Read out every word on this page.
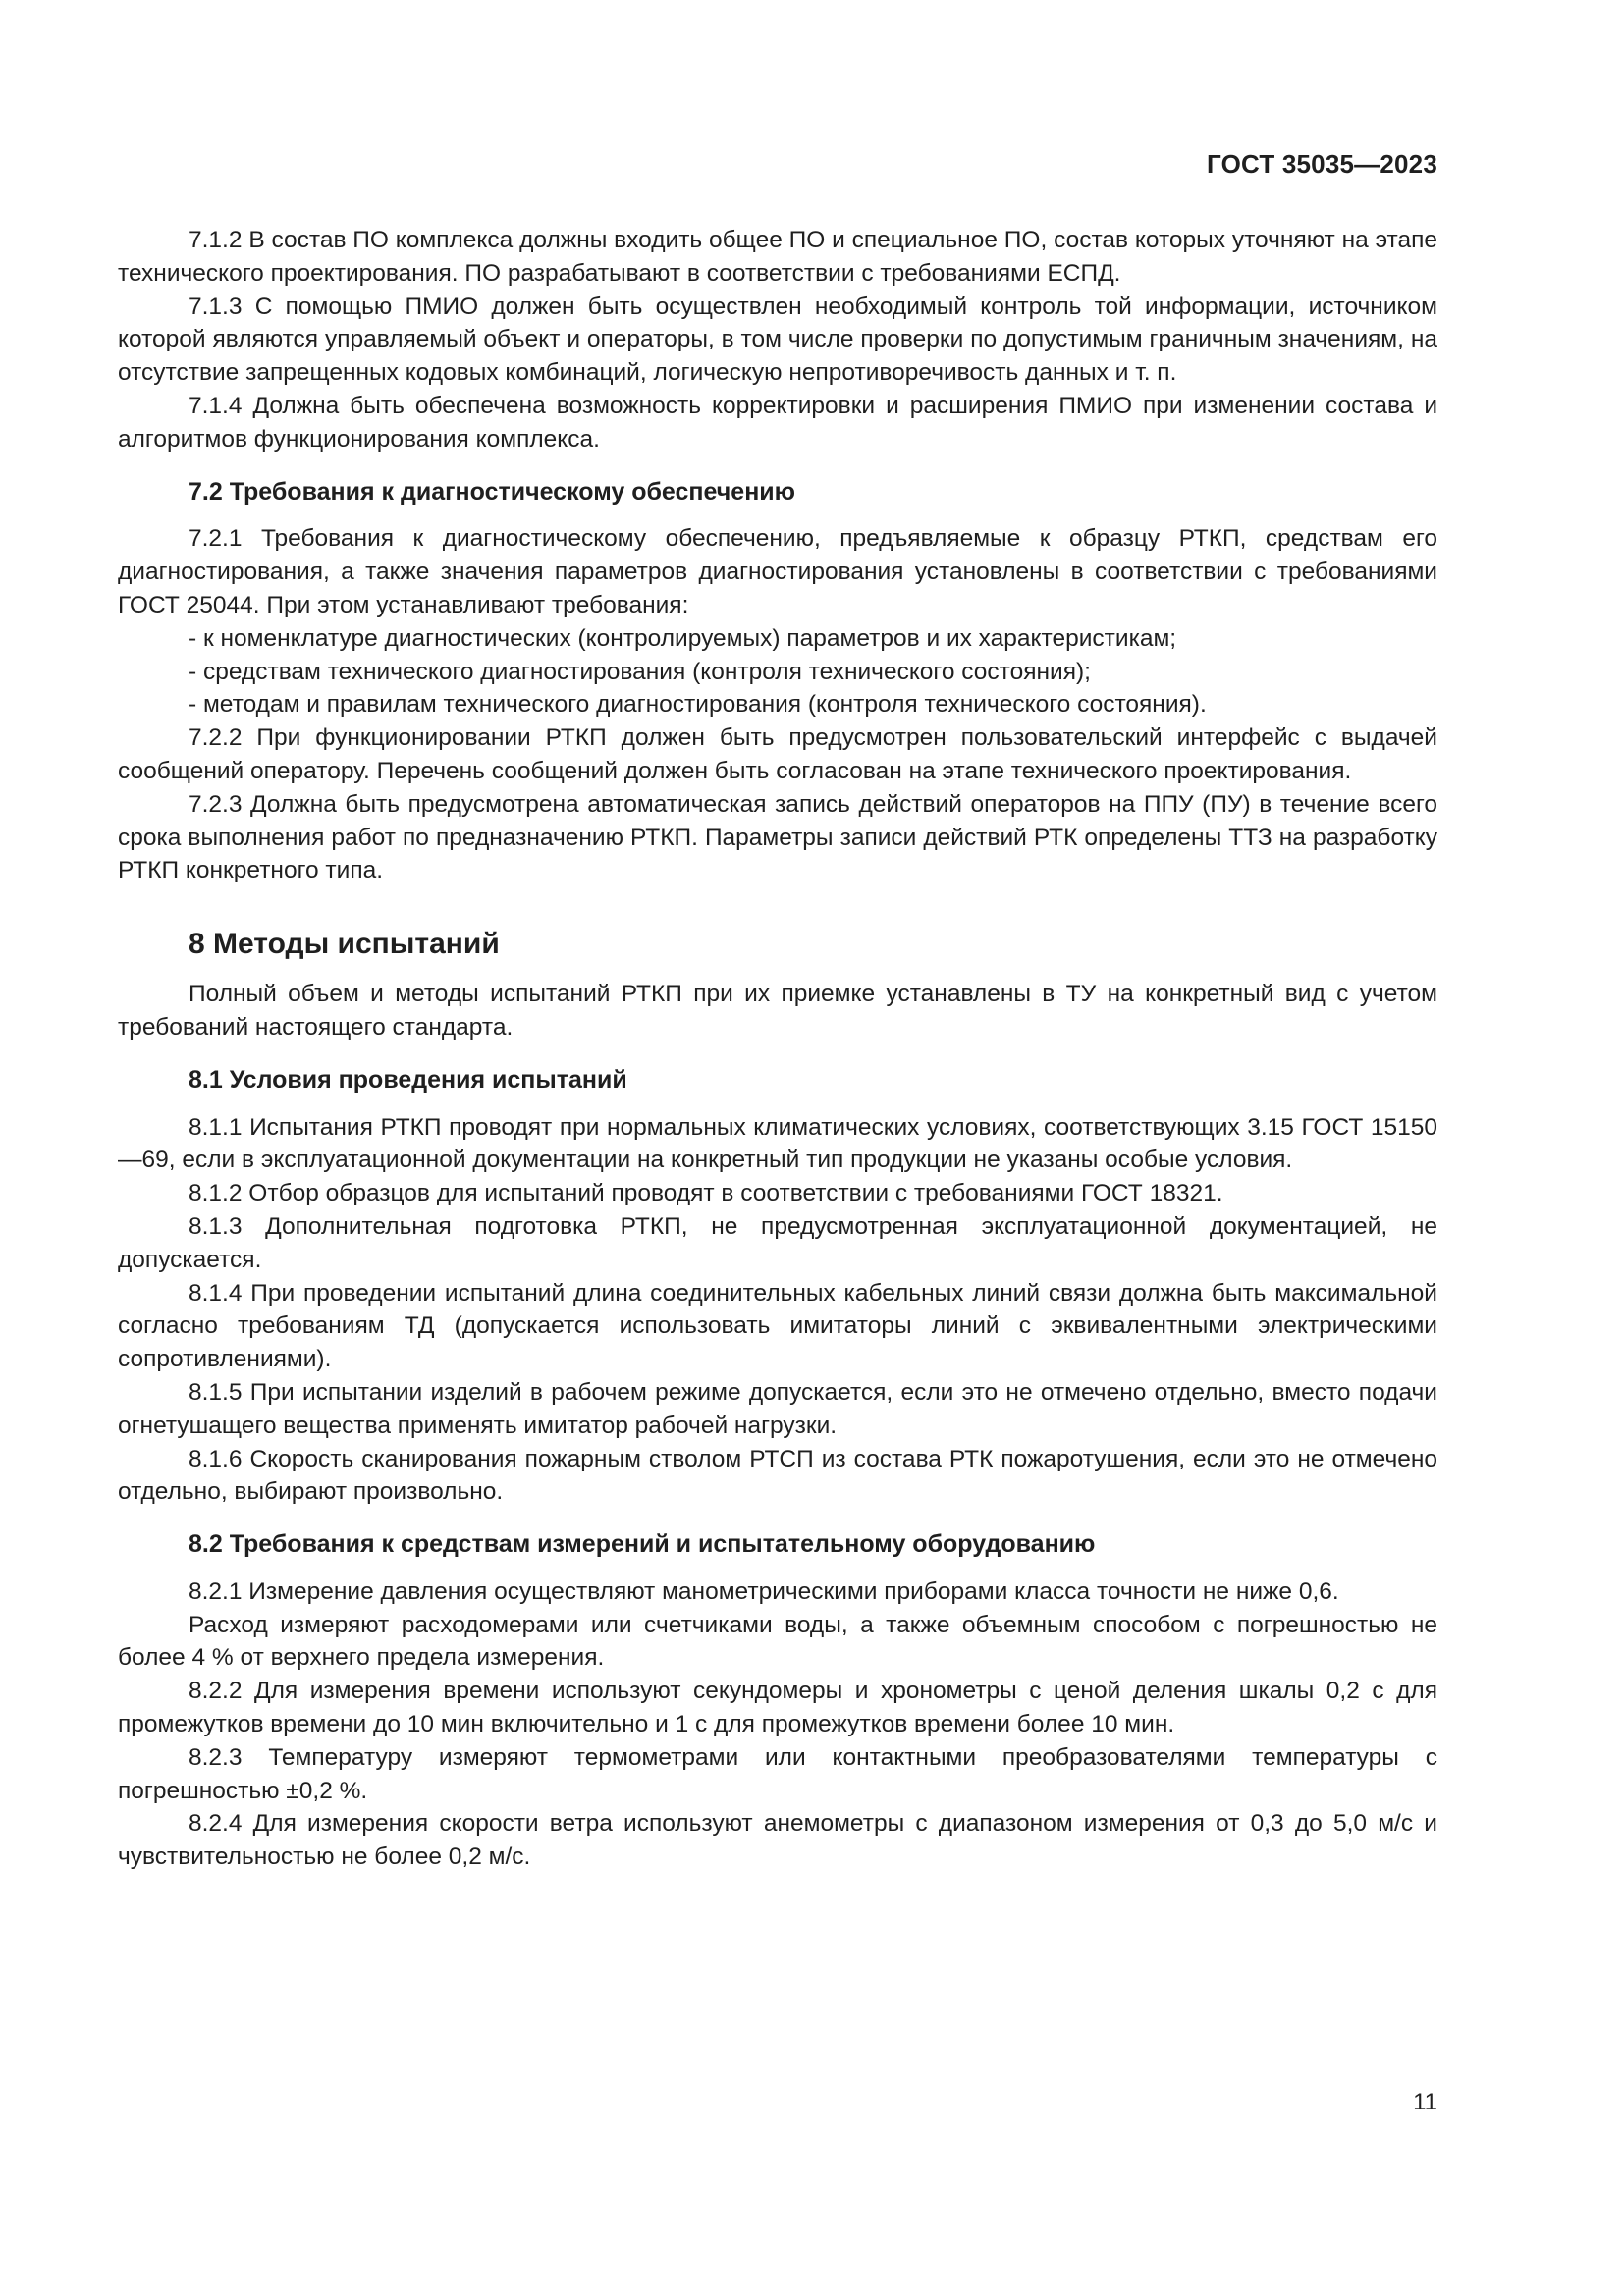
ГОСТ 35035—2023

7.1.2 В состав ПО комплекса должны входить общее ПО и специальное ПО, состав которых уточняют на этапе технического проектирования. ПО разрабатывают в соответствии с требованиями ЕСПД.

7.1.3 С помощью ПМИО должен быть осуществлен необходимый контроль той информации, источником которой являются управляемый объект и операторы, в том числе проверки по допустимым граничным значениям, на отсутствие запрещенных кодовых комбинаций, логическую непротиворечивость данных и т. п.

7.1.4 Должна быть обеспечена возможность корректировки и расширения ПМИО при изменении состава и алгоритмов функционирования комплекса.

7.2 Требования к диагностическому обеспечению

7.2.1 Требования к диагностическому обеспечению, предъявляемые к образцу РТКП, средствам его диагностирования, а также значения параметров диагностирования установлены в соответствии с требованиями ГОСТ 25044. При этом устанавливают требования:

- к номенклатуре диагностических (контролируемых) параметров и их характеристикам;
- средствам технического диагностирования (контроля технического состояния);
- методам и правилам технического диагностирования (контроля технического состояния).

7.2.2 При функционировании РТКП должен быть предусмотрен пользовательский интерфейс с выдачей сообщений оператору. Перечень сообщений должен быть согласован на этапе технического проектирования.

7.2.3 Должна быть предусмотрена автоматическая запись действий операторов на ППУ (ПУ) в течение всего срока выполнения работ по предназначению РТКП. Параметры записи действий РТК определены ТТЗ на разработку РТКП конкретного типа.

8 Методы испытаний

Полный объем и методы испытаний РТКП при их приемке устанавлены в ТУ на конкретный вид с учетом требований настоящего стандарта.

8.1 Условия проведения испытаний

8.1.1 Испытания РТКП проводят при нормальных климатических условиях, соответствующих 3.15 ГОСТ 15150—69, если в эксплуатационной документации на конкретный тип продукции не указаны особые условия.

8.1.2 Отбор образцов для испытаний проводят в соответствии с требованиями ГОСТ 18321.

8.1.3 Дополнительная подготовка РТКП, не предусмотренная эксплуатационной документацией, не допускается.

8.1.4 При проведении испытаний длина соединительных кабельных линий связи должна быть максимальной согласно требованиям ТД (допускается использовать имитаторы линий с эквивалентными электрическими сопротивлениями).

8.1.5 При испытании изделий в рабочем режиме допускается, если это не отмечено отдельно, вместо подачи огнетушащего вещества применять имитатор рабочей нагрузки.

8.1.6 Скорость сканирования пожарным стволом РТСП из состава РТК пожаротушения, если это не отмечено отдельно, выбирают произвольно.

8.2 Требования к средствам измерений и испытательному оборудованию

8.2.1 Измерение давления осуществляют манометрическими приборами класса точности не ниже 0,6.

Расход измеряют расходомерами или счетчиками воды, а также объемным способом с погрешностью не более 4 % от верхнего предела измерения.

8.2.2 Для измерения времени используют секундомеры и хронометры с ценой деления шкалы 0,2 с для промежутков времени до 10 мин включительно и 1 с для промежутков времени более 10 мин.

8.2.3 Температуру измеряют термометрами или контактными преобразователями температуры с погрешностью ±0,2 %.

8.2.4 Для измерения скорости ветра используют анемометры с диапазоном измерения от 0,3 до 5,0 м/с и чувствительностью не более 0,2 м/с.

11
